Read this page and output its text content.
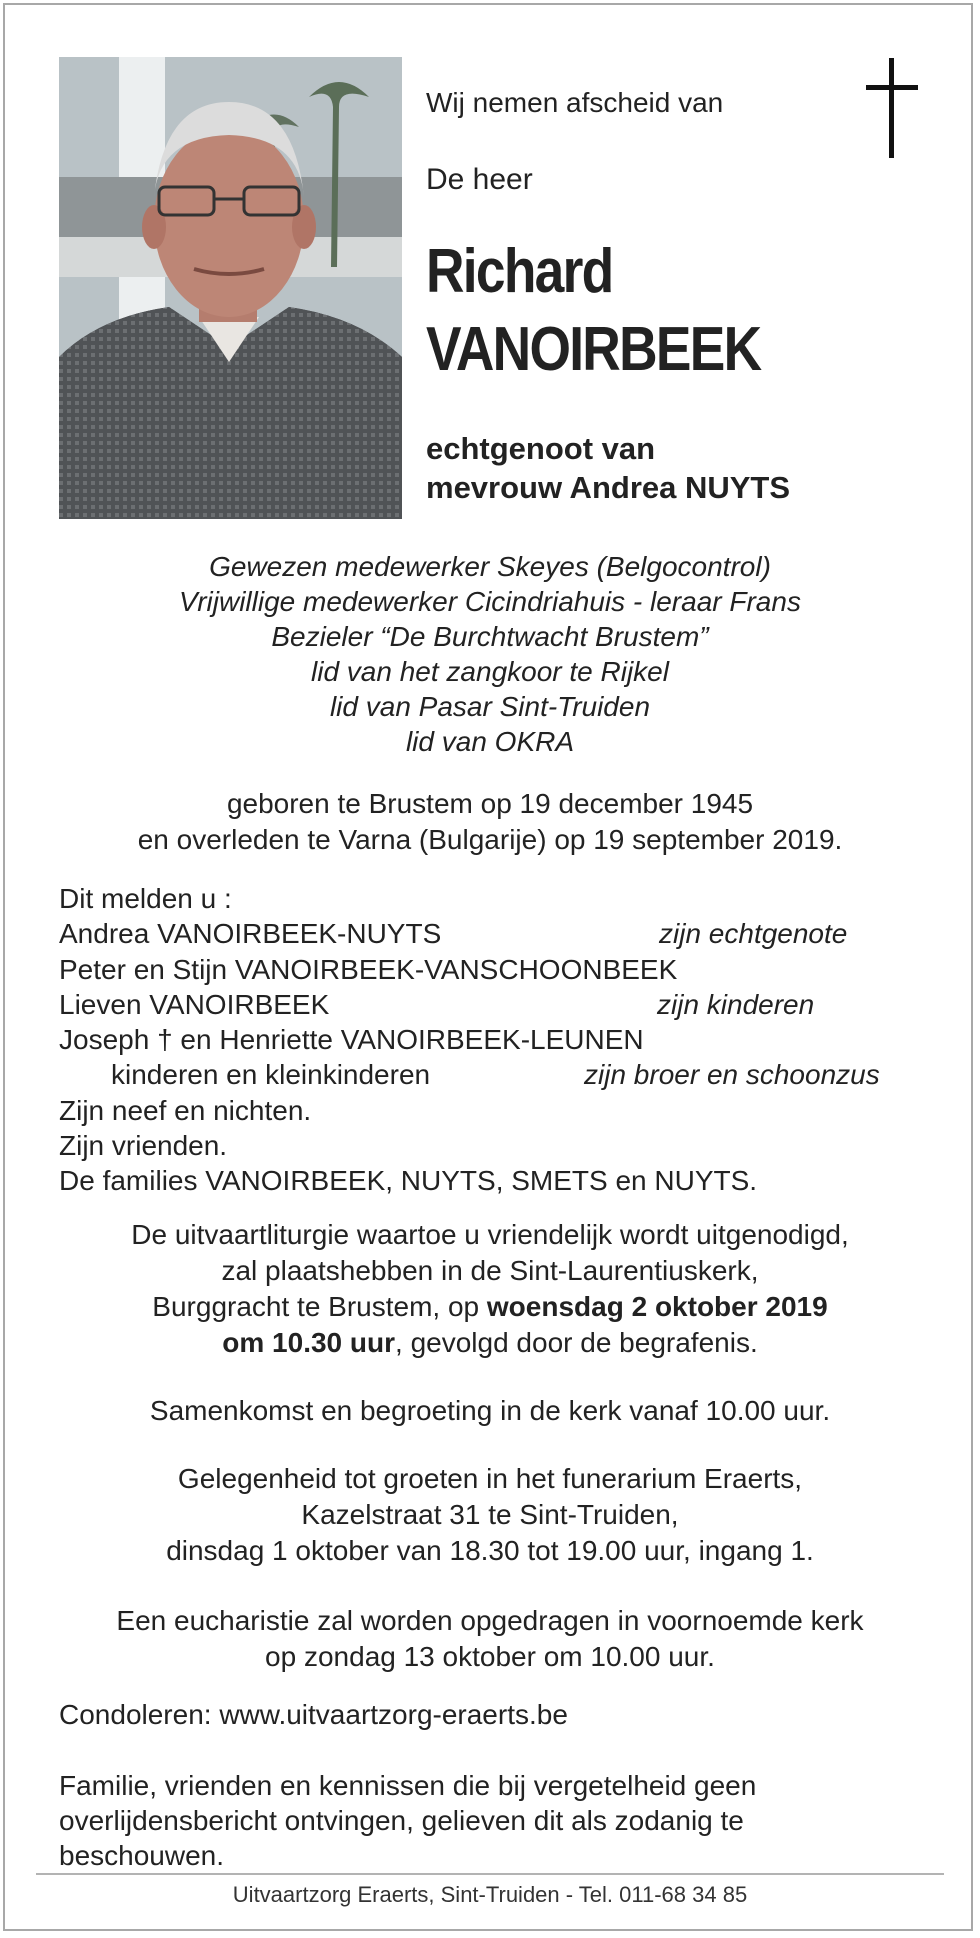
Wij nemen afscheid van

De heer

Richard
VANOIRBEEK
echtgenoot van
mevrouw Andrea NUYTS
Gewezen medewerker Skeyes (Belgocontrol)
Vrijwillige medewerker Cicindriahuis - leraar Frans
Bezieler “De Burchtwacht Brustem”
lid van het zangkoor te Rijkel
lid van Pasar Sint-Truiden
lid van OKRA
geboren te Brustem op 19 december 1945
en overleden te Varna (Bulgarije) op 19 september 2019.
Dit melden u :
Andrea VANOIRBEEK-NUYTS	zijn echtgenote
Peter en Stijn VANOIRBEEK-VANSCHOONBEEK
Lieven VANOIRBEEK	zijn kinderen
Joseph † en Henriette VANOIRBEEK-LEUNEN
kinderen en kleinkinderen	zijn broer en schoonzus
Zijn neef en nichten.
Zijn vrienden.
De families VANOIRBEEK, NUYTS, SMETS en NUYTS.
De uitvaartliturgie waartoe u vriendelijk wordt uitgenodigd,
zal plaatshebben in de Sint-Laurentiuskerk,
Burggracht te Brustem, op woensdag 2 oktober 2019
om 10.30 uur, gevolgd door de begrafenis.
Samenkomst en begroeting in de kerk vanaf 10.00 uur.
Gelegenheid tot groeten in het funerarium Eraerts,
Kazelstraat 31 te Sint-Truiden,
dinsdag 1 oktober van 18.30 tot 19.00 uur, ingang 1.
Een eucharistie zal worden opgedragen in voornoemde kerk
op zondag 13 oktober om 10.00 uur.
Condoleren: www.uitvaartzorg-eraerts.be
Familie, vrienden en kennissen die bij vergetelheid geen overlijdensbericht ontvingen, gelieven dit als zodanig te beschouwen.
Uitvaartzorg Eraerts, Sint-Truiden - Tel. 011-68 34 85
